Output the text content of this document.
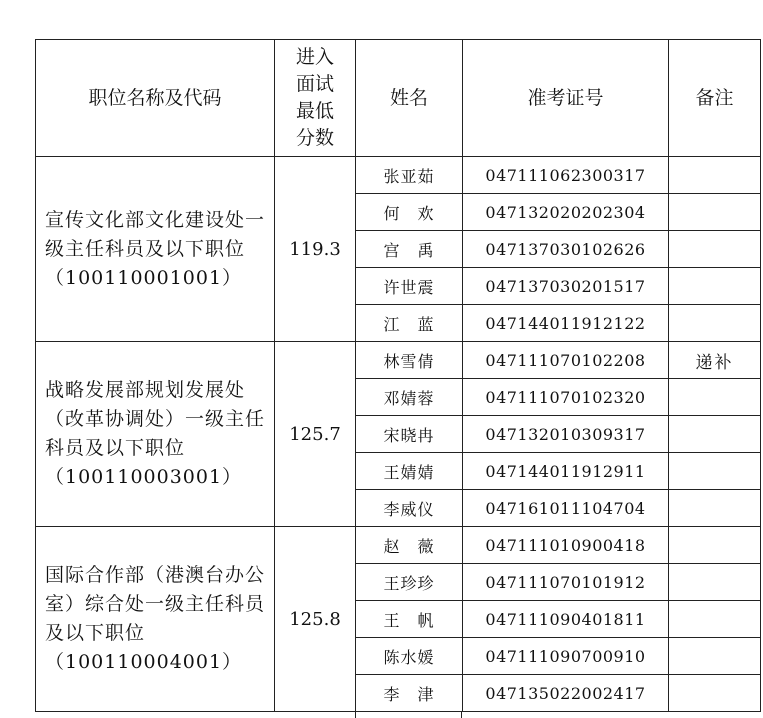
职位名称及代码	进入面试最低分数	姓名	准考证号	备注
宣传文化部文化建设处一级主任科员及以下职位（100110001001）	119.3	张亚茹	047111062300317	
		何　欢	047132020202304	
		宫　禹	047137030102626	
		许世震	047137030201517	
		江　蓝	047144011912122	
战略发展部规划发展处（改革协调处）一级主任科员及以下职位（100110003001）	125.7	林雪倩	047111070102208	递补
		邓婧蓉	047111070102320	
		宋晓冉	047132010309317	
		王婧婧	047144011912911	
		李威仪	047161011104704	
国际合作部（港澳台办公室）综合处一级主任科员及以下职位（100110004001）	125.8	赵　薇	047111010900418	
		王珍珍	047111070101912	
		王　帆	047111090401811	
		陈水媛	047111090700910	
		李　津	047135022002417	
